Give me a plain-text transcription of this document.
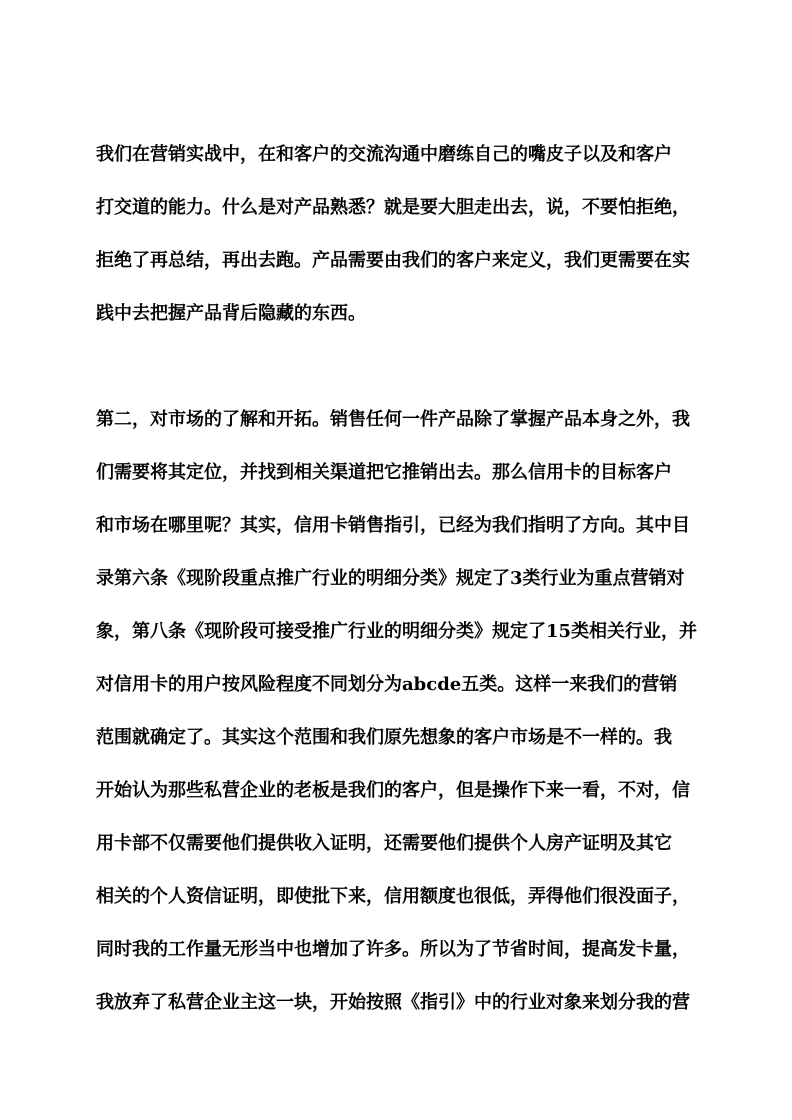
我们在营销实战中，在和客户的交流沟通中磨练自己的嘴皮子以及和客户
打交道的能力。什么是对产品熟悉？就是要大胆走出去，说，不要怕拒绝，
拒绝了再总结，再出去跑。产品需要由我们的客户来定义，我们更需要在实
践中去把握产品背后隐藏的东西。
第二，对市场的了解和开拓。销售任何一件产品除了掌握产品本身之外，我
们需要将其定位，并找到相关渠道把它推销出去。那么信用卡的目标客户
和市场在哪里呢？其实，信用卡销售指引，已经为我们指明了方向。其中目
录第六条《现阶段重点推广行业的明细分类》规定了3类行业为重点营销对
象，第八条《现阶段可接受推广行业的明细分类》规定了15类相关行业，并
对信用卡的用户按风险程度不同划分为abcde五类。这样一来我们的营销
范围就确定了。其实这个范围和我们原先想象的客户市场是不一样的。我
开始认为那些私营企业的老板是我们的客户，但是操作下来一看，不对，信
用卡部不仅需要他们提供收入证明，还需要他们提供个人房产证明及其它
相关的个人资信证明，即使批下来，信用额度也很低，弄得他们很没面子，
同时我的工作量无形当中也增加了许多。所以为了节省时间，提高发卡量，
我放弃了私营企业主这一块，开始按照《指引》中的行业对象来划分我的营
